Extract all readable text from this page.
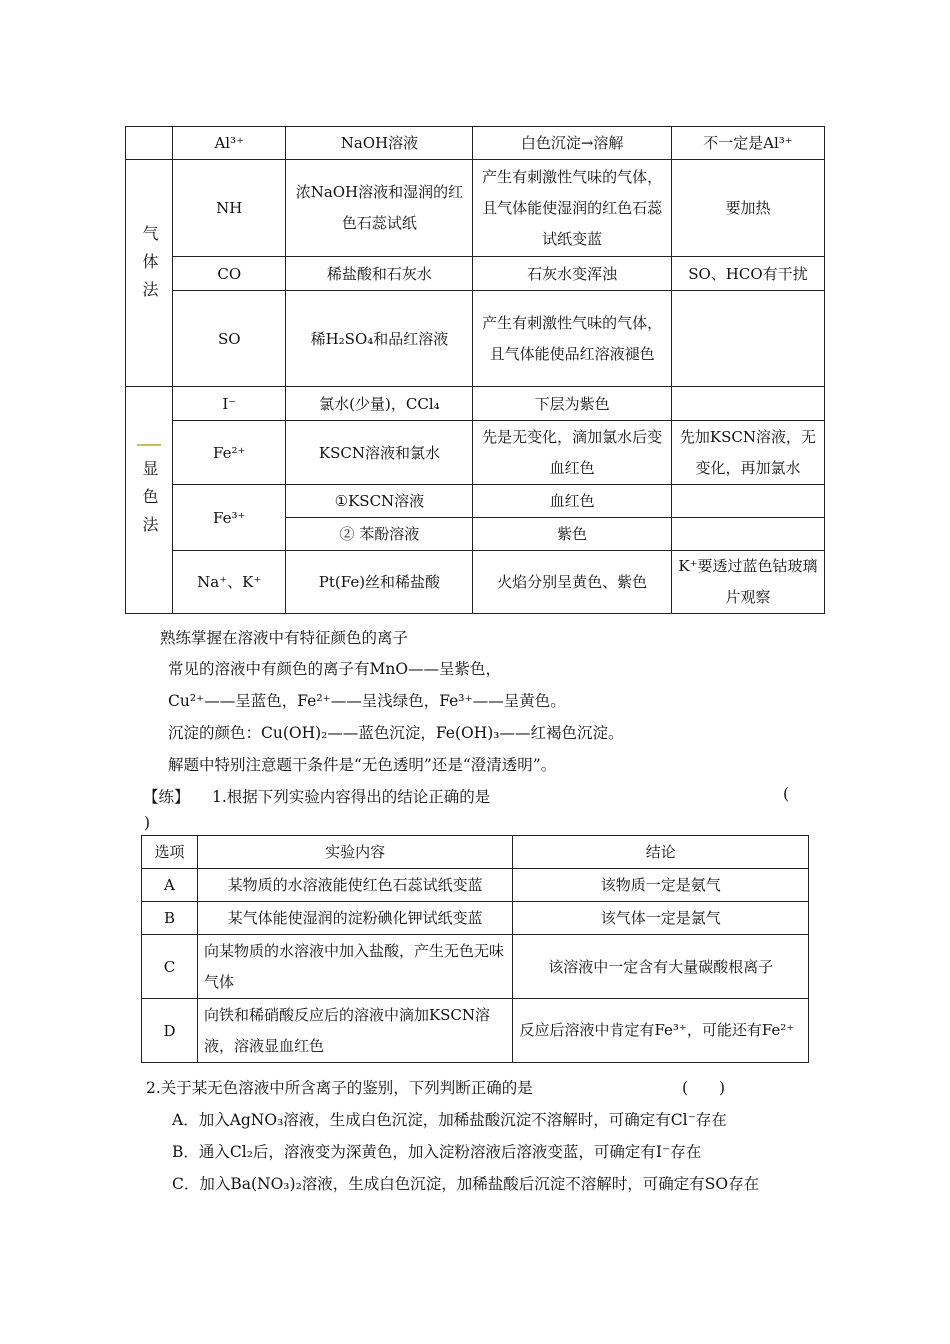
	Al³⁺	NaOH溶液	白色沉淀→溶解	不一定是Al³⁺
气体法	NH	浓NaOH溶液和湿润的红色石蕊试纸	产生有刺激性气味的气体，且气体能使湿润的红色石蕊试纸变蓝	要加热
	CO	稀盐酸和石灰水	石灰水变浑浊	SO、HCO有干扰
	SO	稀H₂SO₄和品红溶液	产生有刺激性气味的气体，且气体能使品红溶液褪色	

显色法	I⁻	氯水(少量)，CCl₄	下层为紫色	
	Fe²⁺	KSCN溶液和氯水	先是无变化，滴加氯水后变血红色	先加KSCN溶液，无变化，再加氯水
	Fe³⁺	①KSCN溶液	血红色	
		② 苯酚溶液	紫色	
	Na⁺、K⁺	Pt(Fe)丝和稀盐酸	火焰分别呈黄色、紫色	K⁺要透过蓝色钴玻璃片观察
熟练掌握在溶液中有特征颜色的离子
常见的溶液中有颜色的离子有MnO——呈紫色，
Cu²⁺——呈蓝色，Fe²⁺——呈浅绿色，Fe³⁺——呈黄色。
沉淀的颜色：Cu(OH)₂——蓝色沉淀，Fe(OH)₃——红褐色沉淀。
解题中特别注意题干条件是“无色透明”还是“澄清透明”。
【练】 1.根据下列实验内容得出的结论正确的是	(
)
选项	实验内容	结论
A	某物质的水溶液能使红色石蕊试纸变蓝	该物质一定是氨气
B	某气体能使湿润的淀粉碘化钾试纸变蓝	该气体一定是氯气
C	向某物质的水溶液中加入盐酸，产生无色无味气体	该溶液中一定含有大量碳酸根离子
D	向铁和稀硝酸反应后的溶液中滴加KSCN溶液，溶液显血红色	反应后溶液中肯定有Fe³⁺，可能还有Fe²⁺
2.关于某无色溶液中所含离子的鉴别，下列判断正确的是	(　　)
A．加入AgNO₃溶液，生成白色沉淀，加稀盐酸沉淀不溶解时，可确定有Cl⁻存在
B．通入Cl₂后，溶液变为深黄色，加入淀粉溶液后溶液变蓝，可确定有I⁻存在
C．加入Ba(NO₃)₂溶液，生成白色沉淀，加稀盐酸后沉淀不溶解时，可确定有SO存在
